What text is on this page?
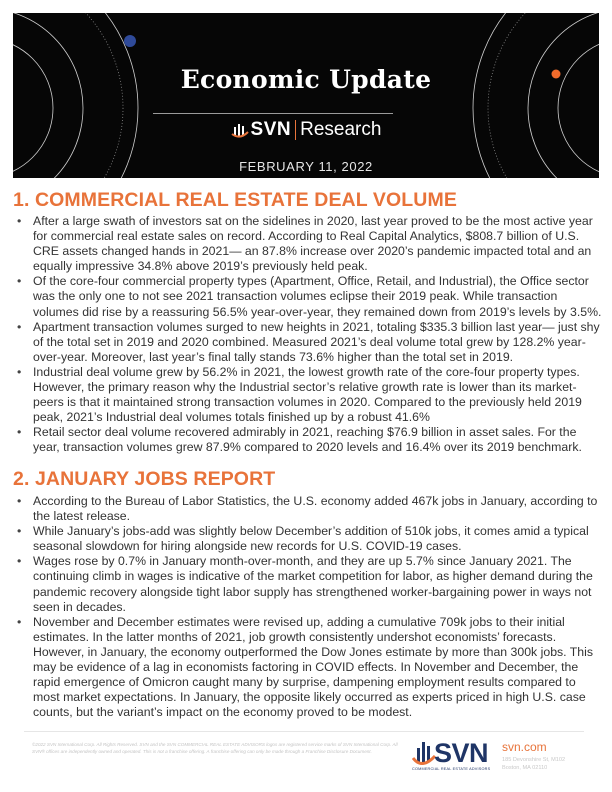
Economic Update
SVN Research
FEBRUARY 11, 2022
1. COMMERCIAL REAL ESTATE DEAL VOLUME
• After a large swath of investors sat on the sidelines in 2020, last year proved to be the most active year for commercial real estate sales on record. According to Real Capital Analytics, $808.7 billion of U.S. CRE assets changed hands in 2021— an 87.8% increase over 2020’s pandemic impacted total and an equally impressive 34.8% above 2019’s previously held peak.
• Of the core-four commercial property types (Apartment, Office, Retail, and Industrial), the Office sector was the only one to not see 2021 transaction volumes eclipse their 2019 peak. While transaction volumes did rise by a reassuring 56.5% year-over-year, they remained down from 2019’s levels by 3.5%.
• Apartment transaction volumes surged to new heights in 2021, totaling $335.3 billion last year— just shy of the total set in 2019 and 2020 combined. Measured 2021’s deal volume total grew by 128.2% year-over-year. Moreover, last year’s final tally stands 73.6% higher than the total set in 2019.
• Industrial deal volume grew by 56.2% in 2021, the lowest growth rate of the core-four property types. However, the primary reason why the Industrial sector’s relative growth rate is lower than its market-peers is that it maintained strong transaction volumes in 2020. Compared to the previously held 2019 peak, 2021’s Industrial deal volumes totals finished up by a robust 41.6%
• Retail sector deal volume recovered admirably in 2021, reaching $76.9 billion in asset sales. For the year, transaction volumes grew 87.9% compared to 2020 levels and 16.4% over its 2019 benchmark.
2. JANUARY JOBS REPORT
• According to the Bureau of Labor Statistics, the U.S. economy added 467k jobs in January, according to the latest release.
• While January’s jobs-add was slightly below December’s addition of 510k jobs, it comes amid a typical seasonal slowdown for hiring alongside new records for U.S. COVID-19 cases.
• Wages rose by 0.7% in January month-over-month, and they are up 5.7% since January 2021. The continuing climb in wages is indicative of the market competition for labor, as higher demand during the pandemic recovery alongside tight labor supply has strengthened worker-bargaining power in ways not seen in decades.
• November and December estimates were revised up, adding a cumulative 709k jobs to their initial estimates. In the latter months of 2021, job growth consistently undershot economists’ forecasts. However, in January, the economy outperformed the Dow Jones estimate by more than 300k jobs. This may be evidence of a lag in economists factoring in COVID effects. In November and December, the rapid emergence of Omicron caught many by surprise, dampening employment results compared to most market expectations. In January, the opposite likely occurred as experts priced in high U.S. case counts, but the variant’s impact on the economy proved to be modest.
©2022 SVN International Corp. All Rights Reserved. SVN and the SVN COMMERCIAL REAL ESTATE ADVISORS logos are registered service marks of SVN International Corp. All SVN® offices are independently owned and operated. This is not a franchise offering. A franchise offering can only be made through a Franchise Disclosure Document.	SVN
COMMERCIAL REAL ESTATE ADVISORS
svn.com
185 Devonshire St, M102
Boston, MA 02110
